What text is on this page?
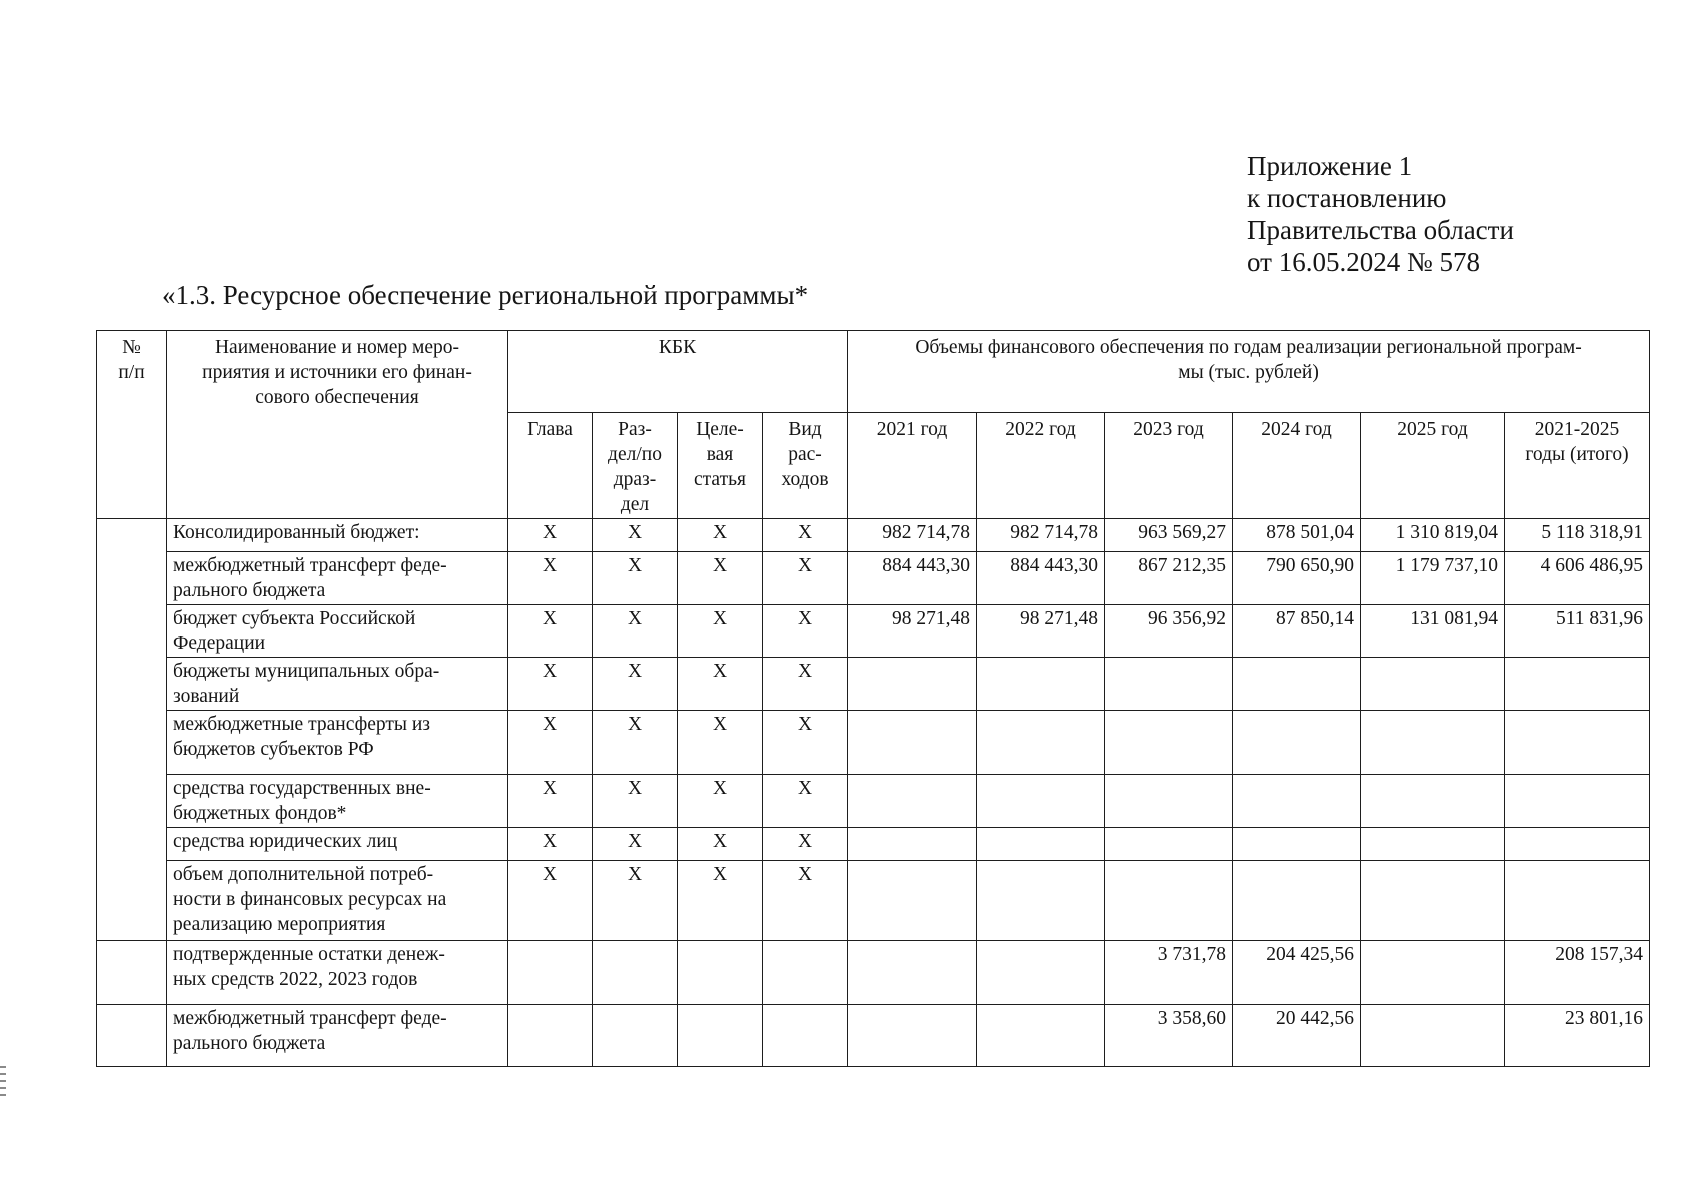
Приложение 1
к постановлению
Правительства области
от 16.05.2024 № 578
«1.3. Ресурсное обеспечение региональной программы*
№
п/п	Наименование и номер меро-
приятия и источники его финан-
сового обеспечения	КБК				Объемы финансового обеспечения по годам реализации региональной програм-
мы (тыс. рублей)					
		Глава	Раз-
дел/по
драз-
дел	Целе-
вая
статья	Вид
рас-
ходов	2021 год	2022 год	2023 год	2024 год	2025 год	2021-2025
годы (итого)
	Консолидированный бюджет:	X	X	X	X	982 714,78	982 714,78	963 569,27	878 501,04	1 310 819,04	5 118 318,91
	межбюджетный трансферт феде-
рального бюджета	X	X	X	X	884 443,30	884 443,30	867 212,35	790 650,90	1 179 737,10	4 606 486,95
	бюджет субъекта Российской
Федерации	X	X	X	X	98 271,48	98 271,48	96 356,92	87 850,14	131 081,94	511 831,96
	бюджеты муниципальных обра-
зований	X	X	X	X						
	межбюджетные трансферты из
бюджетов субъектов РФ	X	X	X	X						
	средства государственных вне-
бюджетных фондов*	X	X	X	X						
	средства юридических лиц	X	X	X	X						
	объем дополнительной потреб-
ности в финансовых ресурсах на
реализацию мероприятия	X	X	X	X						
	подтвержденные остатки денеж-
ных средств 2022, 2023 годов							3 731,78	204 425,56		208 157,34
	межбюджетный трансферт феде-
рального бюджета							3 358,60	20 442,56		23 801,16
